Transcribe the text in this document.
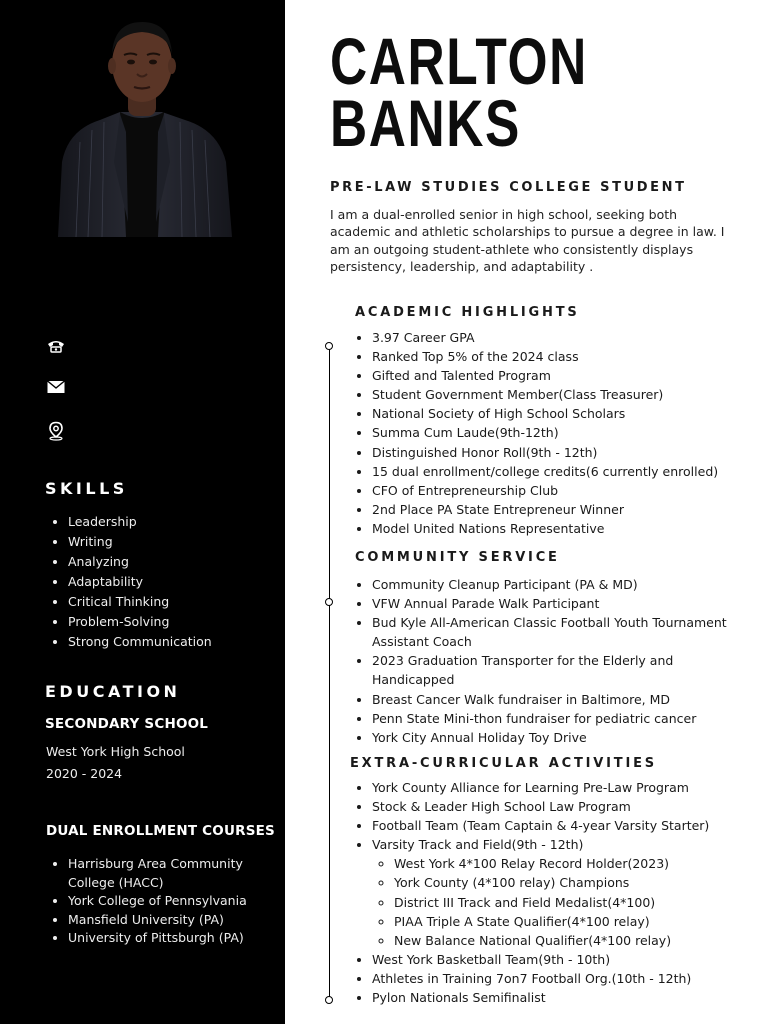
SKILLS
• Leadership
• Writing
• Analyzing
• Adaptability
• Critical Thinking
• Problem-Solving
• Strong Communication
EDUCATION
SECONDARY SCHOOL

West York High School

2020 - 2024

DUAL ENROLLMENT COURSES
• Harrisburg Area Community College (HACC)
• York College of Pennsylvania
• Mansfield University (PA)
• University of Pittsburgh (PA)
CARLTON
BANKS

PRE-LAW STUDIES COLLEGE STUDENT

I am a dual-enrolled senior in high school, seeking both academic and athletic scholarships to pursue a degree in law. I am an outgoing student-athlete who consistently displays persistency, leadership, and adaptability .

ACADEMIC HIGHLIGHTS
• 3.97 Career GPA
• Ranked Top 5% of the 2024 class
• Gifted and Talented Program
• Student Government Member(Class Treasurer)
• National Society of High School Scholars
• Summa Cum Laude(9th-12th)
• Distinguished Honor Roll(9th - 12th)
• 15 dual enrollment/college credits(6 currently enrolled)
• CFO of Entrepreneurship Club
• 2nd Place PA State Entrepreneur Winner
• Model United Nations Representative
COMMUNITY SERVICE
• Community Cleanup Participant (PA & MD)
• VFW Annual Parade Walk Participant
• Bud Kyle All-American Classic Football Youth Tournament Assistant Coach
• 2023 Graduation Transporter for the Elderly and Handicapped
• Breast Cancer Walk fundraiser in Baltimore, MD
• Penn State Mini-thon fundraiser for pediatric cancer
• York City Annual Holiday Toy Drive
EXTRA-CURRICULAR ACTIVITIES
• York County Alliance for Learning Pre-Law Program
• Stock & Leader High School Law Program
• Football Team (Team Captain & 4-year Varsity Starter)
• Varsity Track and Field(9th - 12th)
◦ West York 4*100 Relay Record Holder(2023)
◦ York County (4*100 relay) Champions
◦ District III Track and Field Medalist(4*100)
◦ PIAA Triple A State Qualifier(4*100 relay)
◦ New Balance National Qualifier(4*100 relay)
• West York Basketball Team(9th - 10th)
• Athletes in Training 7on7 Football Org.(10th - 12th)
• Pylon Nationals Semifinalist
